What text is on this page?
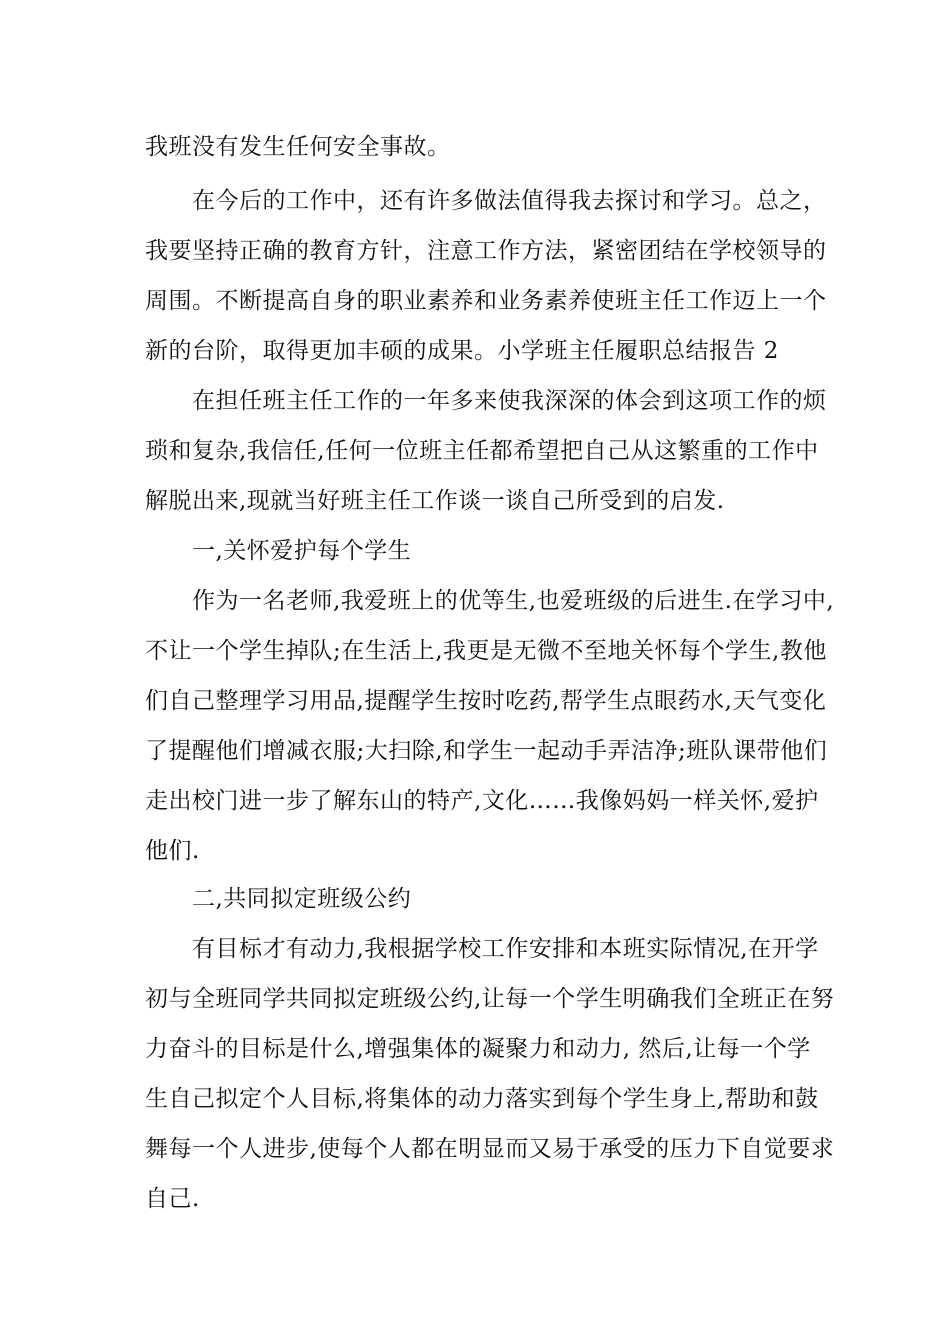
我班没有发生任何安全事故。
在今后的工作中，还有许多做法值得我去探讨和学习。总之，
我要坚持正确的教育方针，注意工作方法，紧密团结在学校领导的
周围。不断提高自身的职业素养和业务素养使班主任工作迈上一个
新的台阶，取得更加丰硕的成果。小学班主任履职总结报告 2
在担任班主任工作的一年多来使我深深的体会到这项工作的烦
琐和复杂,我信任,任何一位班主任都希望把自己从这繁重的工作中
解脱出来,现就当好班主任工作谈一谈自己所受到的启发.
一,关怀爱护每个学生
作为一名老师,我爱班上的优等生,也爱班级的后进生.在学习中,
不让一个学生掉队;在生活上,我更是无微不至地关怀每个学生,教他
们自己整理学习用品,提醒学生按时吃药,帮学生点眼药水,天气变化
了提醒他们增减衣服;大扫除,和学生一起动手弄洁净;班队课带他们
走出校门进一步了解东山的特产,文化……我像妈妈一样关怀,爱护
他们.
二,共同拟定班级公约
有目标才有动力,我根据学校工作安排和本班实际情况,在开学
初与全班同学共同拟定班级公约,让每一个学生明确我们全班正在努
力奋斗的目标是什么,增强集体的凝聚力和动力, 然后,让每一个学
生自己拟定个人目标,将集体的动力落实到每个学生身上,帮助和鼓
舞每一个人进步,使每个人都在明显而又易于承受的压力下自觉要求
自己.
